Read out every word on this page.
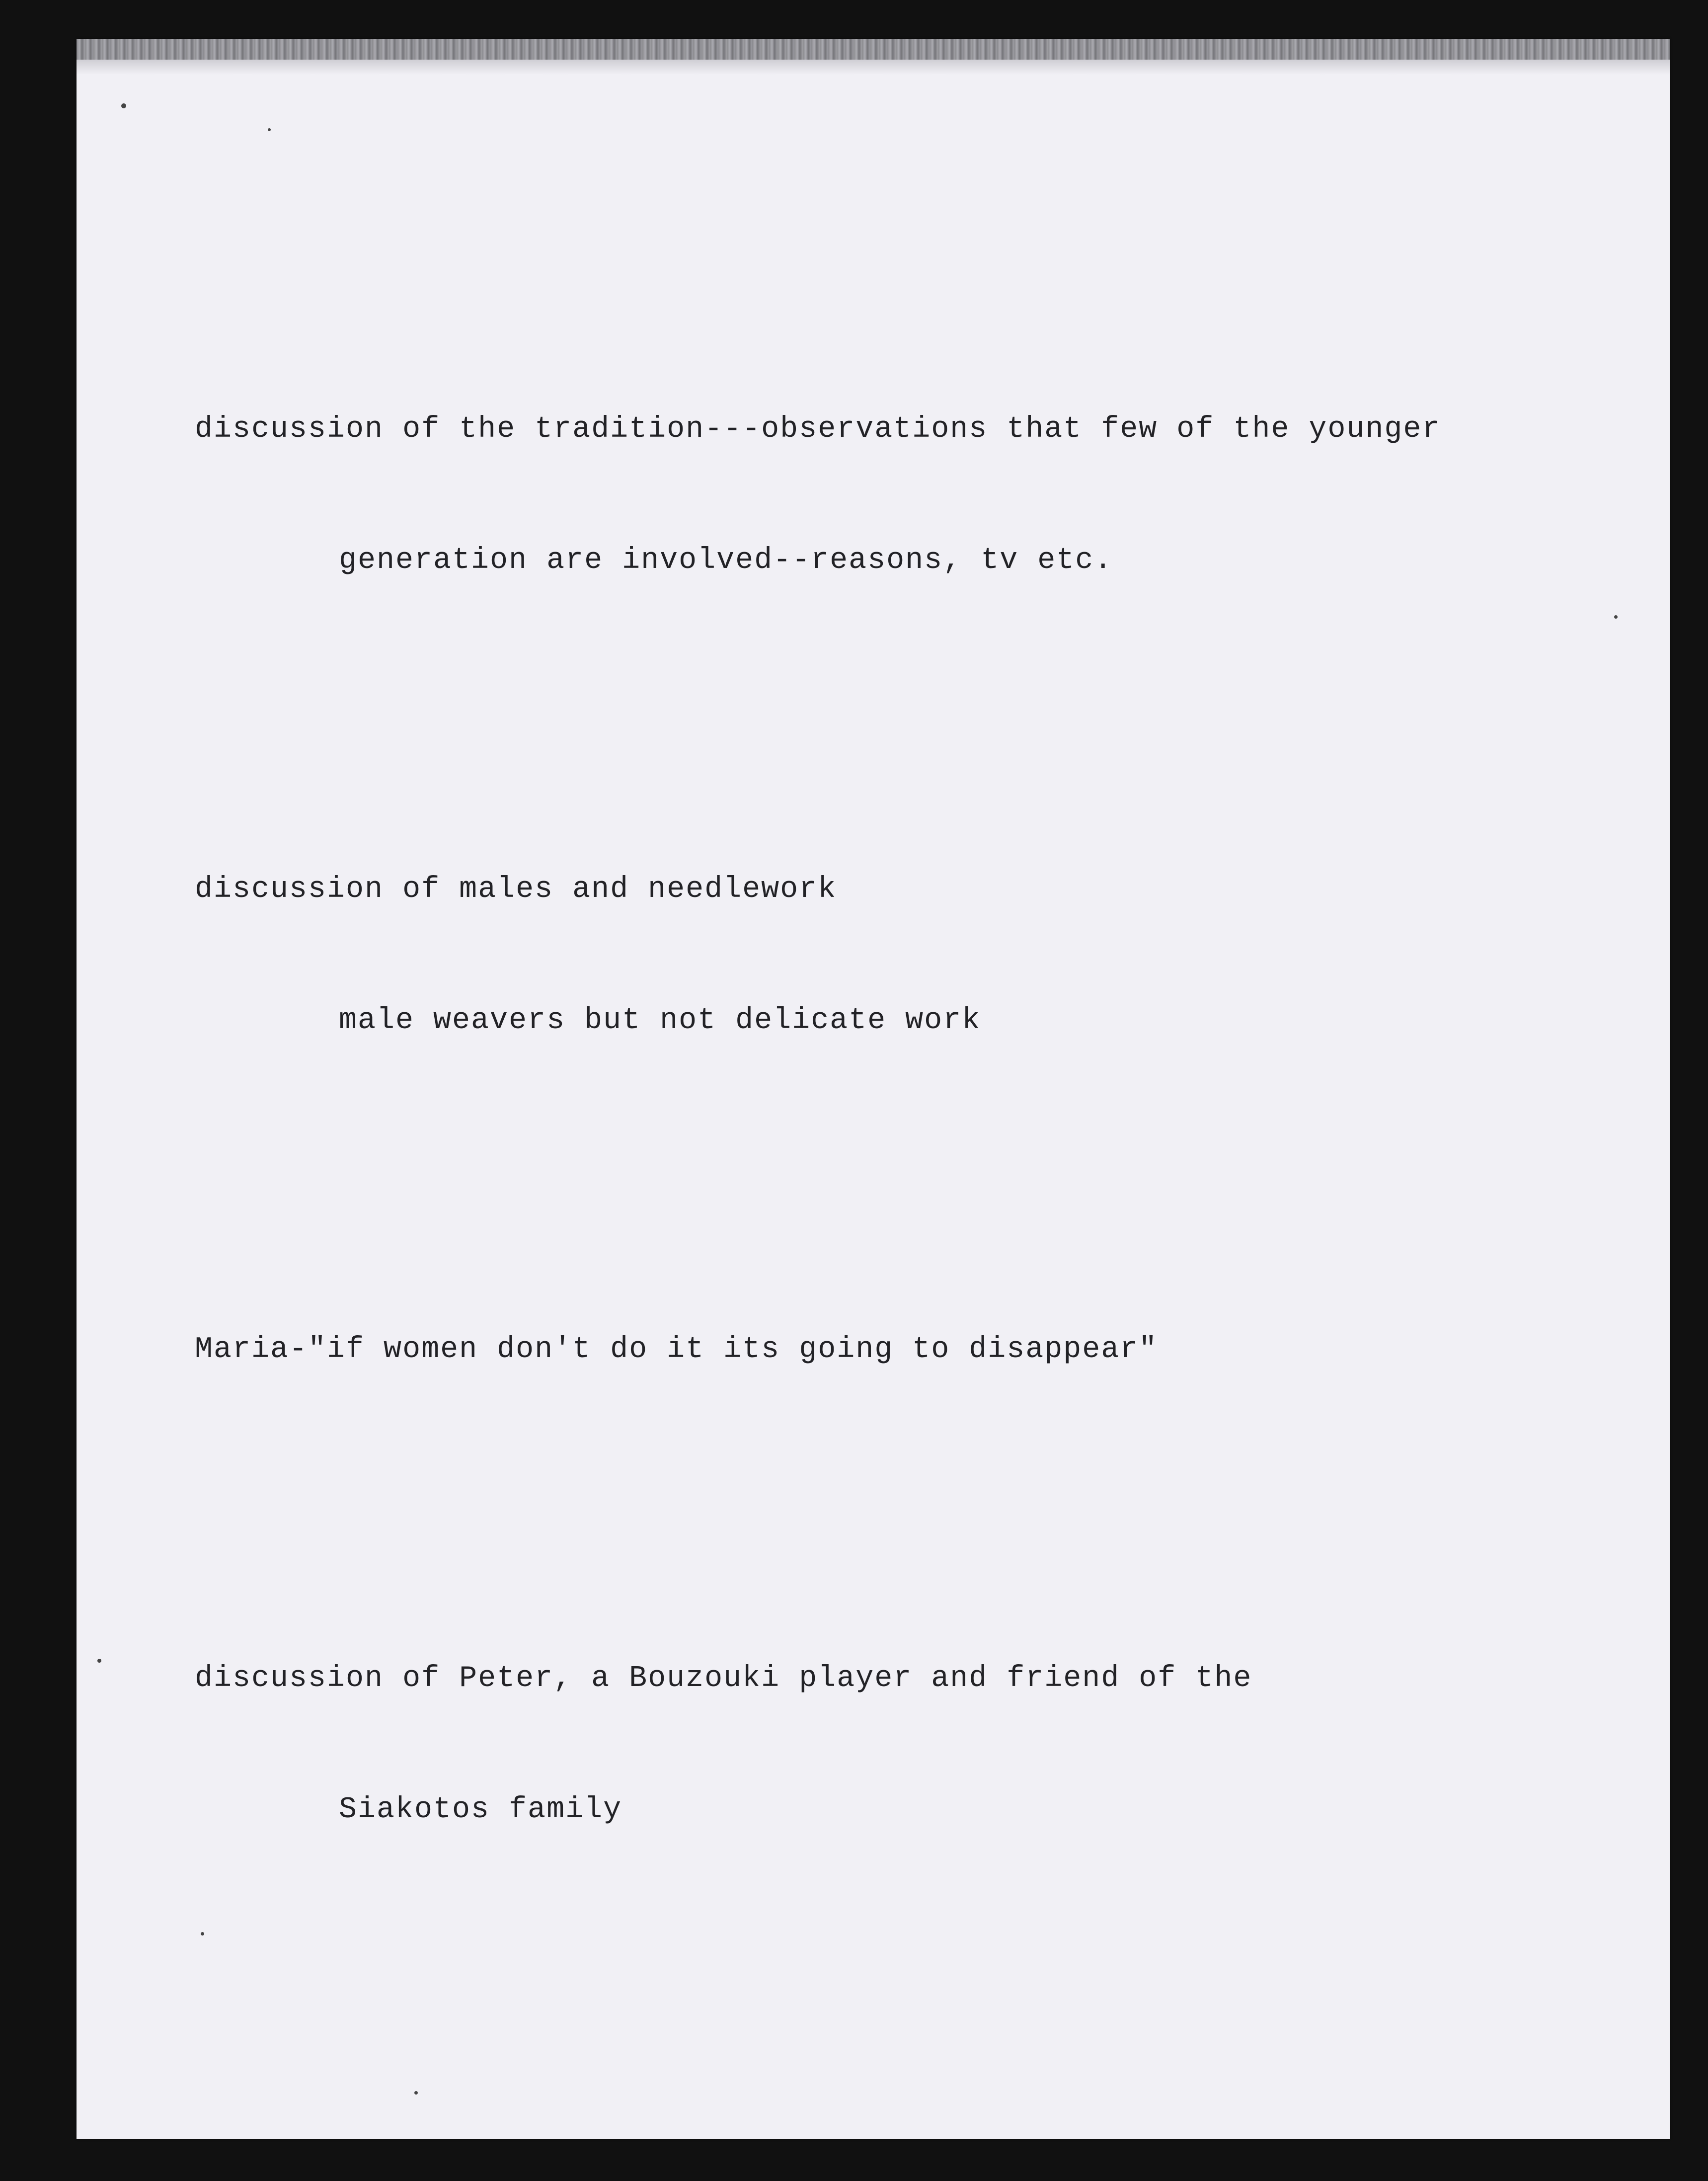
discussion of the tradition---observations that few of the younger

generation are involved--reasons, tv etc.

discussion of males and needlework

male weavers but not delicate work

Maria-"if women don't do it its going to disappear"

discussion of Peter, a Bouzouki player and friend of the

Siakotos family
